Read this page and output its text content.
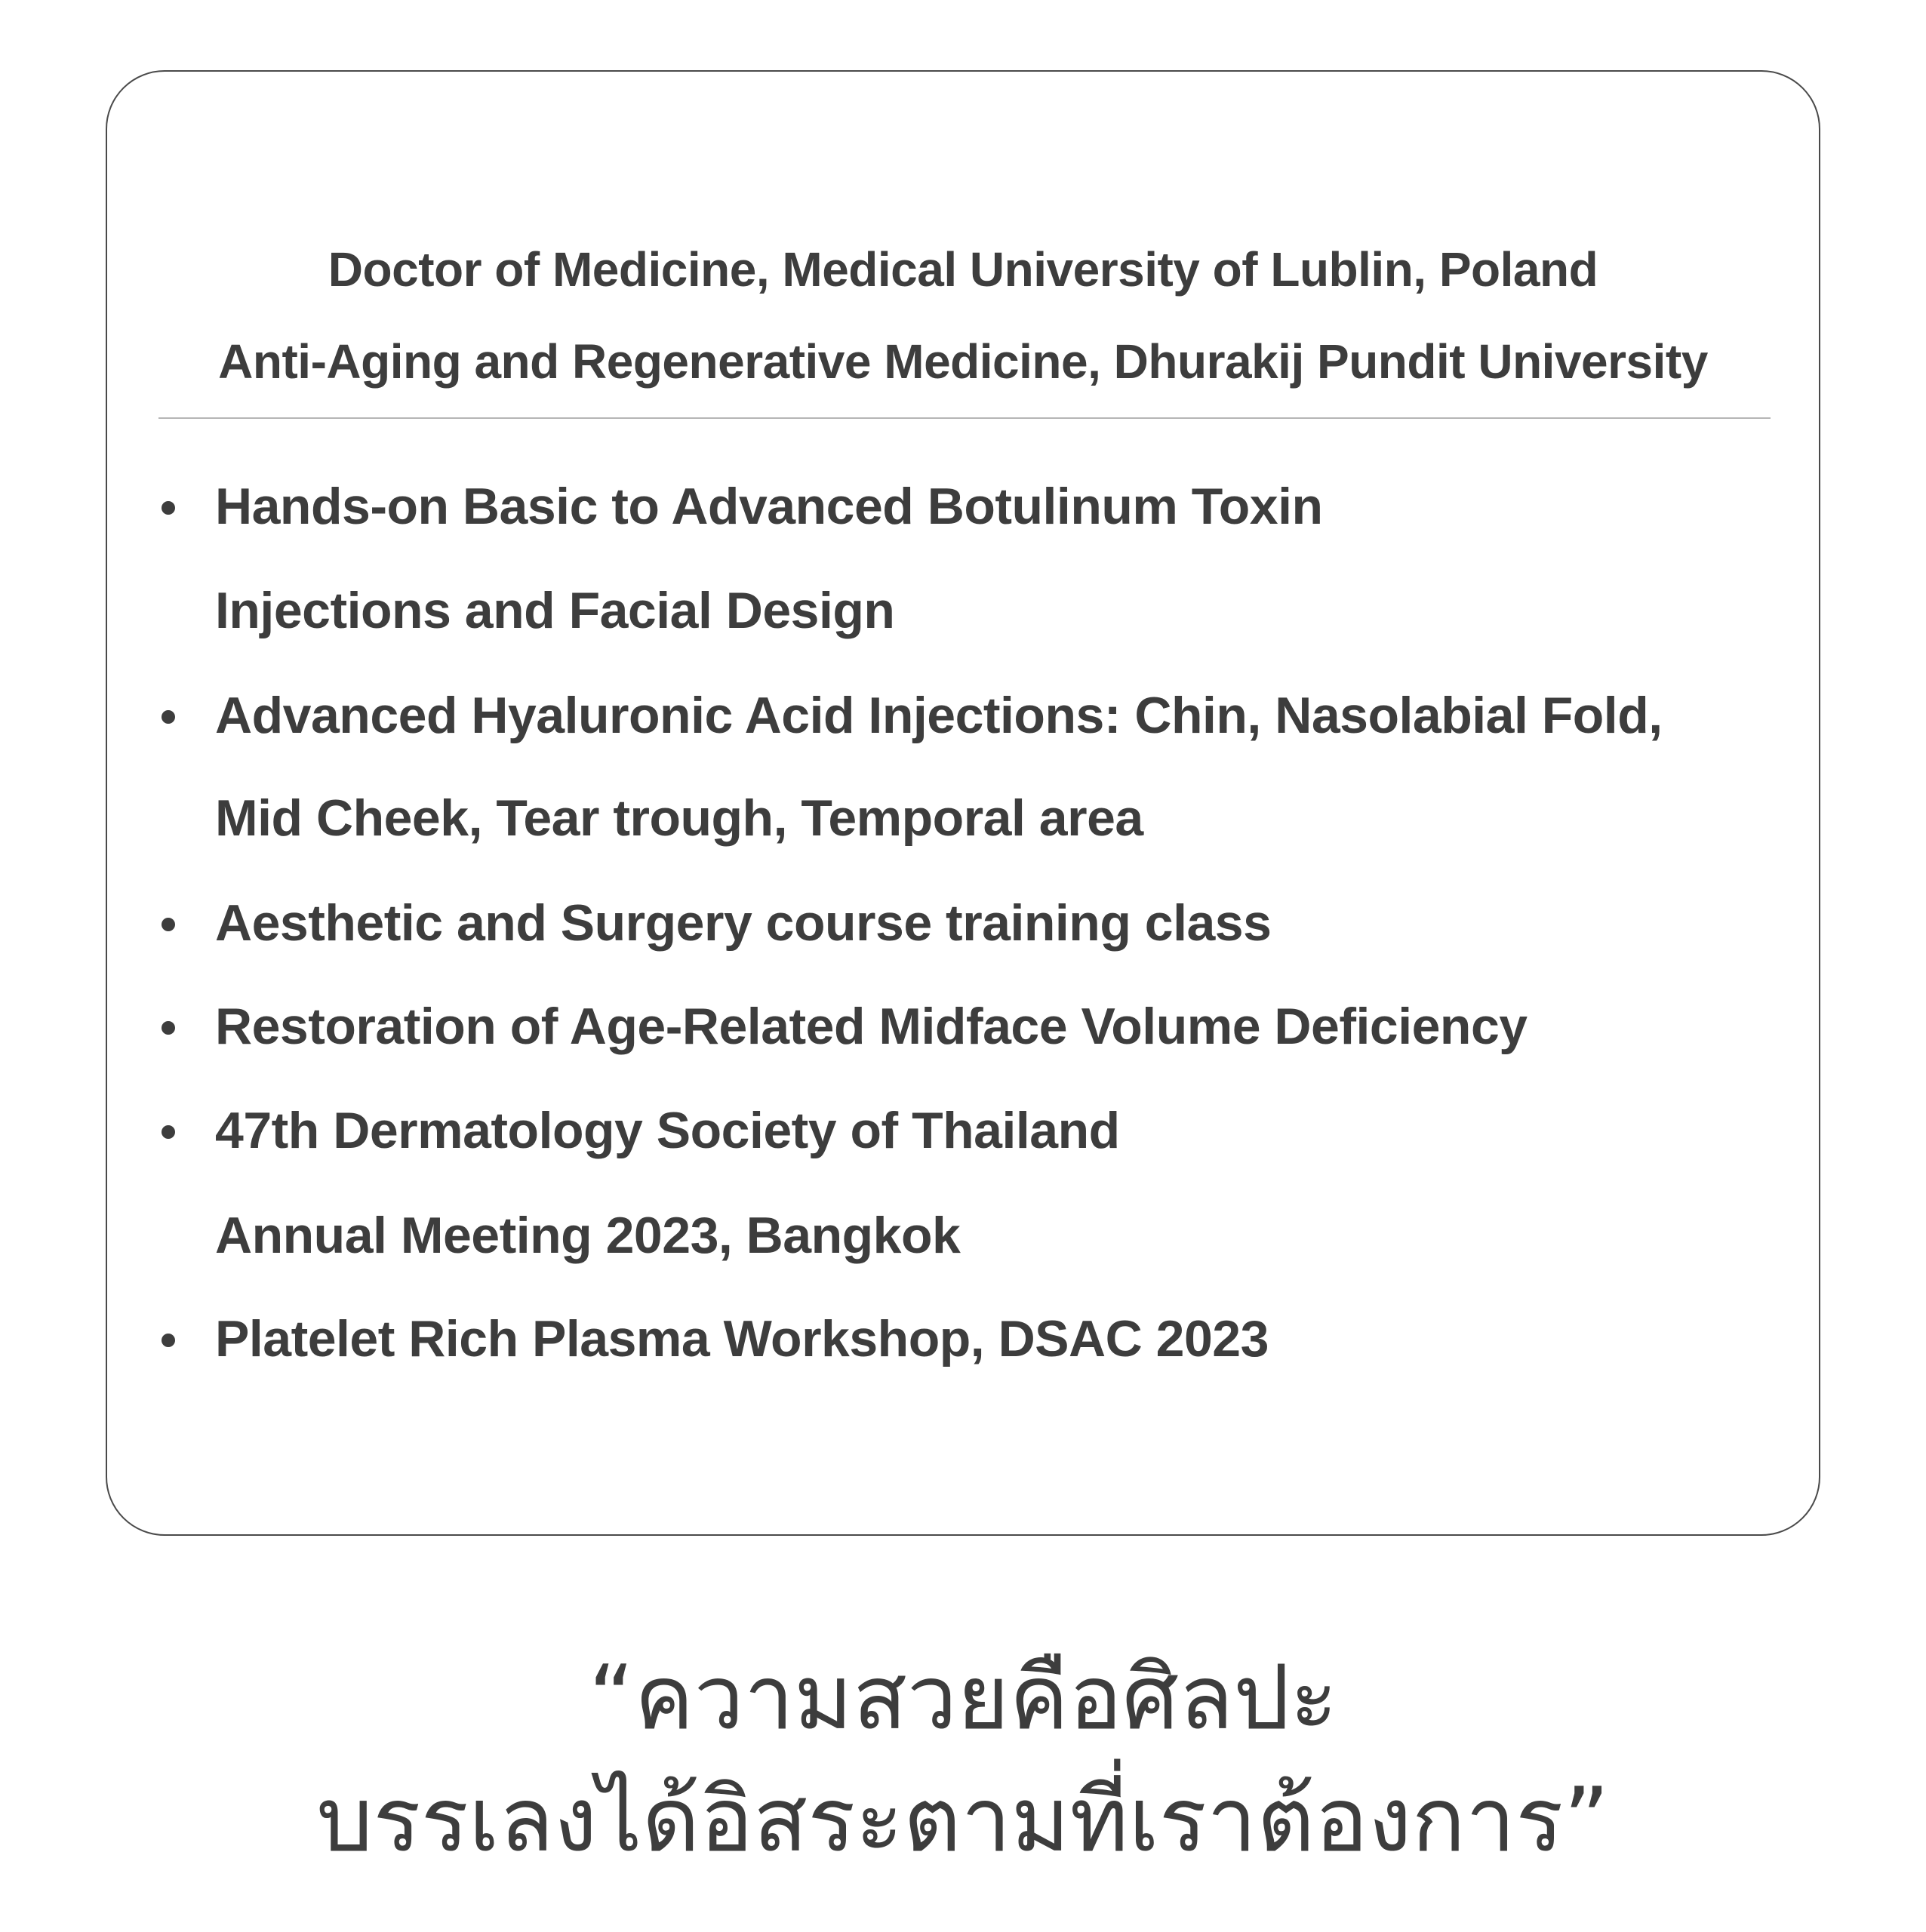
Doctor of Medicine, Medical University of Lublin, Poland
Anti-Aging and Regenerative Medicine, Dhurakij Pundit University
Hands-on Basic to Advanced Botulinum Toxin
Injections and Facial Design
Advanced Hyaluronic Acid Injections: Chin, Nasolabial Fold,
Mid Cheek, Tear trough, Temporal area
Aesthetic and Surgery course training class
Restoration of Age-Related Midface Volume Deficiency
47th Dermatology Society of Thailand
Annual Meeting 2023, Bangkok
Platelet Rich Plasma Workshop, DSAC 2023
“ความสวยคือศิลปะ
บรรเลงได้อิสระตามที่เราต้องการ”
